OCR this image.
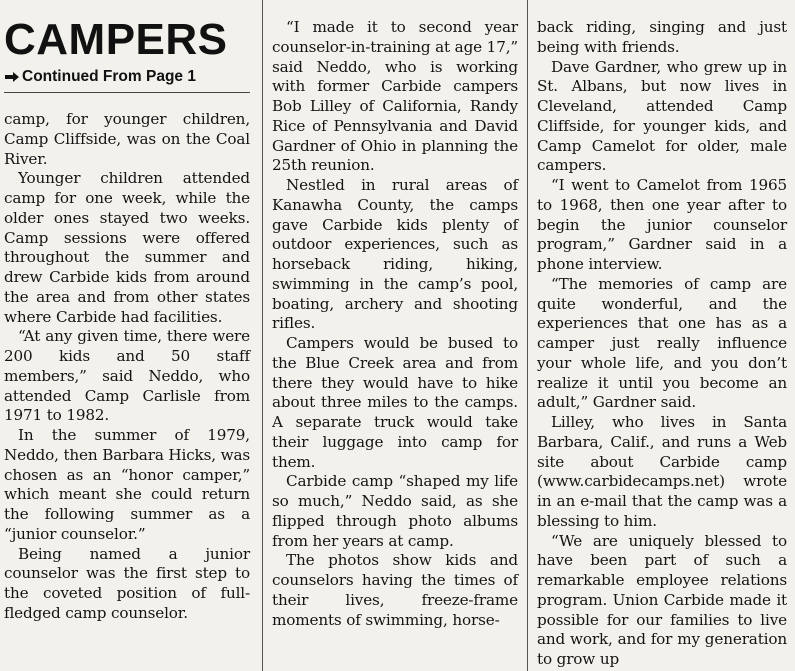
CAMPERS
Continued From Page 1

camp, for younger children, Camp Cliffside, was on the Coal River.

Younger children attended camp for one week, while the older ones stayed two weeks. Camp sessions were offered throughout the summer and drew Carbide kids from around the area and from other states where Carbide had facilities.

“At any given time, there were 200 kids and 50 staff members,” said Neddo, who attended Camp Carlisle from 1971 to 1982.

In the summer of 1979, Neddo, then Barbara Hicks, was chosen as an “honor camper,” which meant she could return the following summer as a “junior counselor.”

Being named a junior counselor was the first step to the coveted position of full-fledged camp counselor.

“I made it to second year counselor-in-training at age 17,” said Neddo, who is working with former Carbide campers Bob Lilley of California, Randy Rice of Pennsylvania and David Gardner of Ohio in planning the 25th reunion.

Nestled in rural areas of Kanawha County, the camps gave Carbide kids plenty of outdoor experiences, such as horseback riding, hiking, swimming in the camp’s pool, boating, archery and shooting rifles.

Campers would be bused to the Blue Creek area and from there they would have to hike about three miles to the camps. A separate truck would take their luggage into camp for them.

Carbide camp “shaped my life so much,” Neddo said, as she flipped through photo albums from her years at camp.

The photos show kids and counselors having the times of their lives, freeze-frame moments of swimming, horse-

back riding, singing and just being with friends.

Dave Gardner, who grew up in St. Albans, but now lives in Cleveland, attended Camp Cliffside, for younger kids, and Camp Camelot for older, male campers.

“I went to Camelot from 1965 to 1968, then one year after to begin the junior counselor program,” Gardner said in a phone interview.

“The memories of camp are quite wonderful, and the experiences that one has as a camper just really influence your whole life, and you don’t realize it until you become an adult,” Gardner said.

Lilley, who lives in Santa Barbara, Calif., and runs a Web site about Carbide camp (www.carbidecamps.net) wrote in an e-mail that the camp was a blessing to him.

“We are uniquely blessed to have been part of such a remarkable employee relations program. Union Carbide made it possible for our families to live and work, and for my generation to grow up
